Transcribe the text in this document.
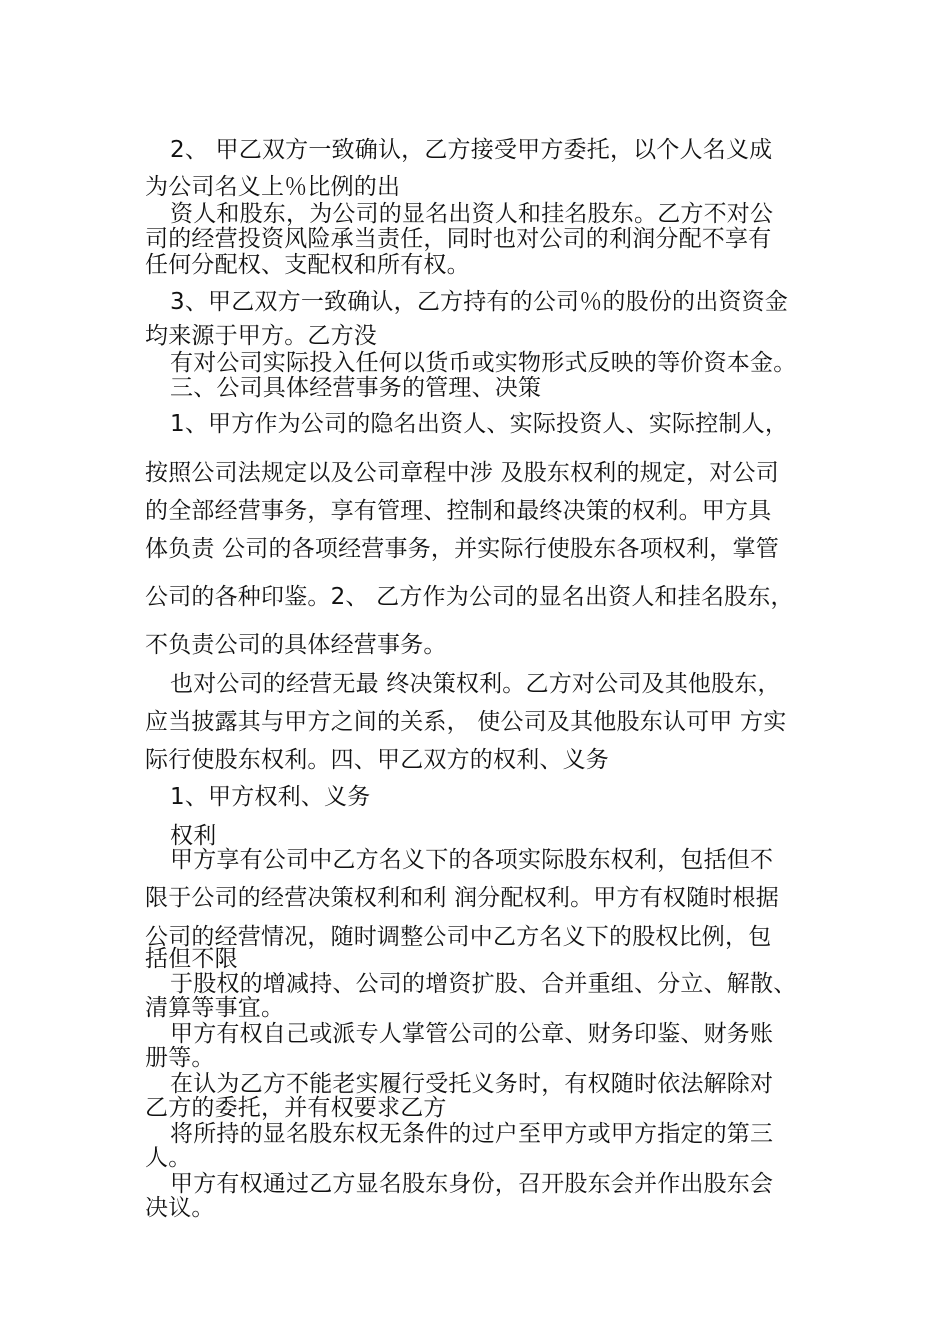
2、 甲乙双方一致确认，乙方接受甲方委托，以个人名义成

为公司名义上％比例的出

资人和股东，为公司的显名出资人和挂名股东。乙方不对公

司的经营投资风险承当责任，同时也对公司的利润分配不享有

任何分配权、支配权和所有权。

3、甲乙双方一致确认，乙方持有的公司％的股份的出资资金

均来源于甲方。乙方没

有对公司实际投入任何以货币或实物形式反映的等价资本金。

三、公司具体经营事务的管理、决策

1、甲方作为公司的隐名出资人、实际投资人、实际控制人，

按照公司法规定以及公司章程中涉 及股东权利的规定，对公司

的全部经营事务，享有管理、控制和最终决策的权利。甲方具

体负责 公司的各项经营事务，并实际行使股东各项权利，掌管

公司的各种印鉴。2、 乙方作为公司的显名出资人和挂名股东，

不负责公司的具体经营事务。

也对公司的经营无最 终决策权利。乙方对公司及其他股东，

应当披露其与甲方之间的关系， 使公司及其他股东认可甲 方实

际行使股东权利。四、甲乙双方的权利、义务

1、甲方权利、义务

权利

甲方享有公司中乙方名义下的各项实际股东权利，包括但不

限于公司的经营决策权利和利 润分配权利。甲方有权随时根据

公司的经营情况，随时调整公司中乙方名义下的股权比例，包

括但不限

于股权的增减持、公司的增资扩股、合并重组、分立、解散、

清算等事宜。

甲方有权自己或派专人掌管公司的公章、财务印鉴、财务账

册等。

在认为乙方不能老实履行受托义务时，有权随时依法解除对

乙方的委托，并有权要求乙方

将所持的显名股东权无条件的过户至甲方或甲方指定的第三

人。

甲方有权通过乙方显名股东身份，召开股东会并作出股东会

决议。
